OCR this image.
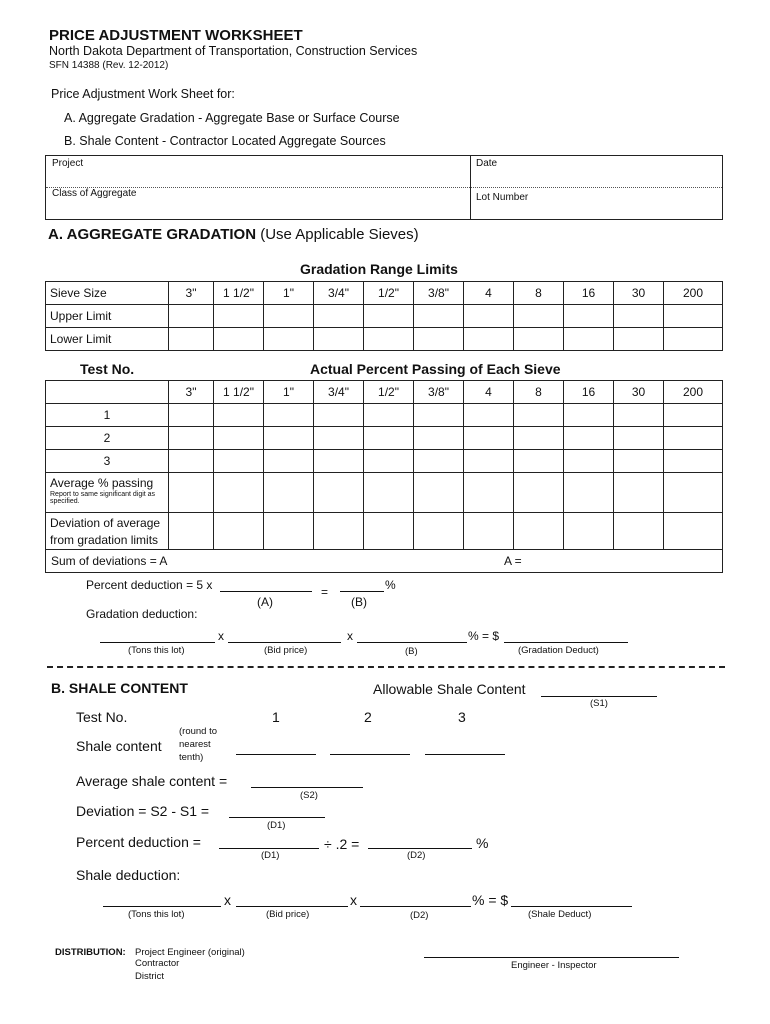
PRICE ADJUSTMENT WORKSHEET
North Dakota Department of Transportation, Construction Services
SFN 14388 (Rev. 12-2012)
Price Adjustment Work Sheet for:
A. Aggregate Gradation - Aggregate Base or Surface Course
B. Shale Content - Contractor Located Aggregate Sources
Project	Date
Class of Aggregate	Lot Number
A. AGGREGATE GRADATION (Use Applicable Sieves)
Gradation Range Limits
Sieve Size	3"	1 1/2"	1"	3/4"	1/2"	3/8"	4	8	16	30	200
Upper Limit											
Lower Limit											
Test No.	Actual Percent Passing of Each Sieve
	3"	1 1/2"	1"	3/4"	1/2"	3/8"	4	8	16	30	200
1											
2											
3											

Average % passing
Report to same significant digit as
specified.											

Deviation of average
from gradation limits											

Sum of deviations = A A =											
Percent deduction = 5 x	=	%
(A)	(B)
Gradation deduction:
x	x	% = $
(Tons this lot)	(Bid price)	(B)	(Gradation Deduct)
B. SHALE CONTENT	Allowable Shale Content
(S1)
Test No.	1	2	3
Shale content
(round to
nearest
tenth)
Average shale content =
(S2)
Deviation = S2 - S1 =
(D1)
Percent deduction =	÷ .2 =	%
(D1)	(D2)
Shale deduction:
x	x	% = $
(Tons this lot)	(Bid price)	(D2)	(Shale Deduct)
DISTRIBUTION: Project Engineer (original)
Contractor
District
Engineer - Inspector
